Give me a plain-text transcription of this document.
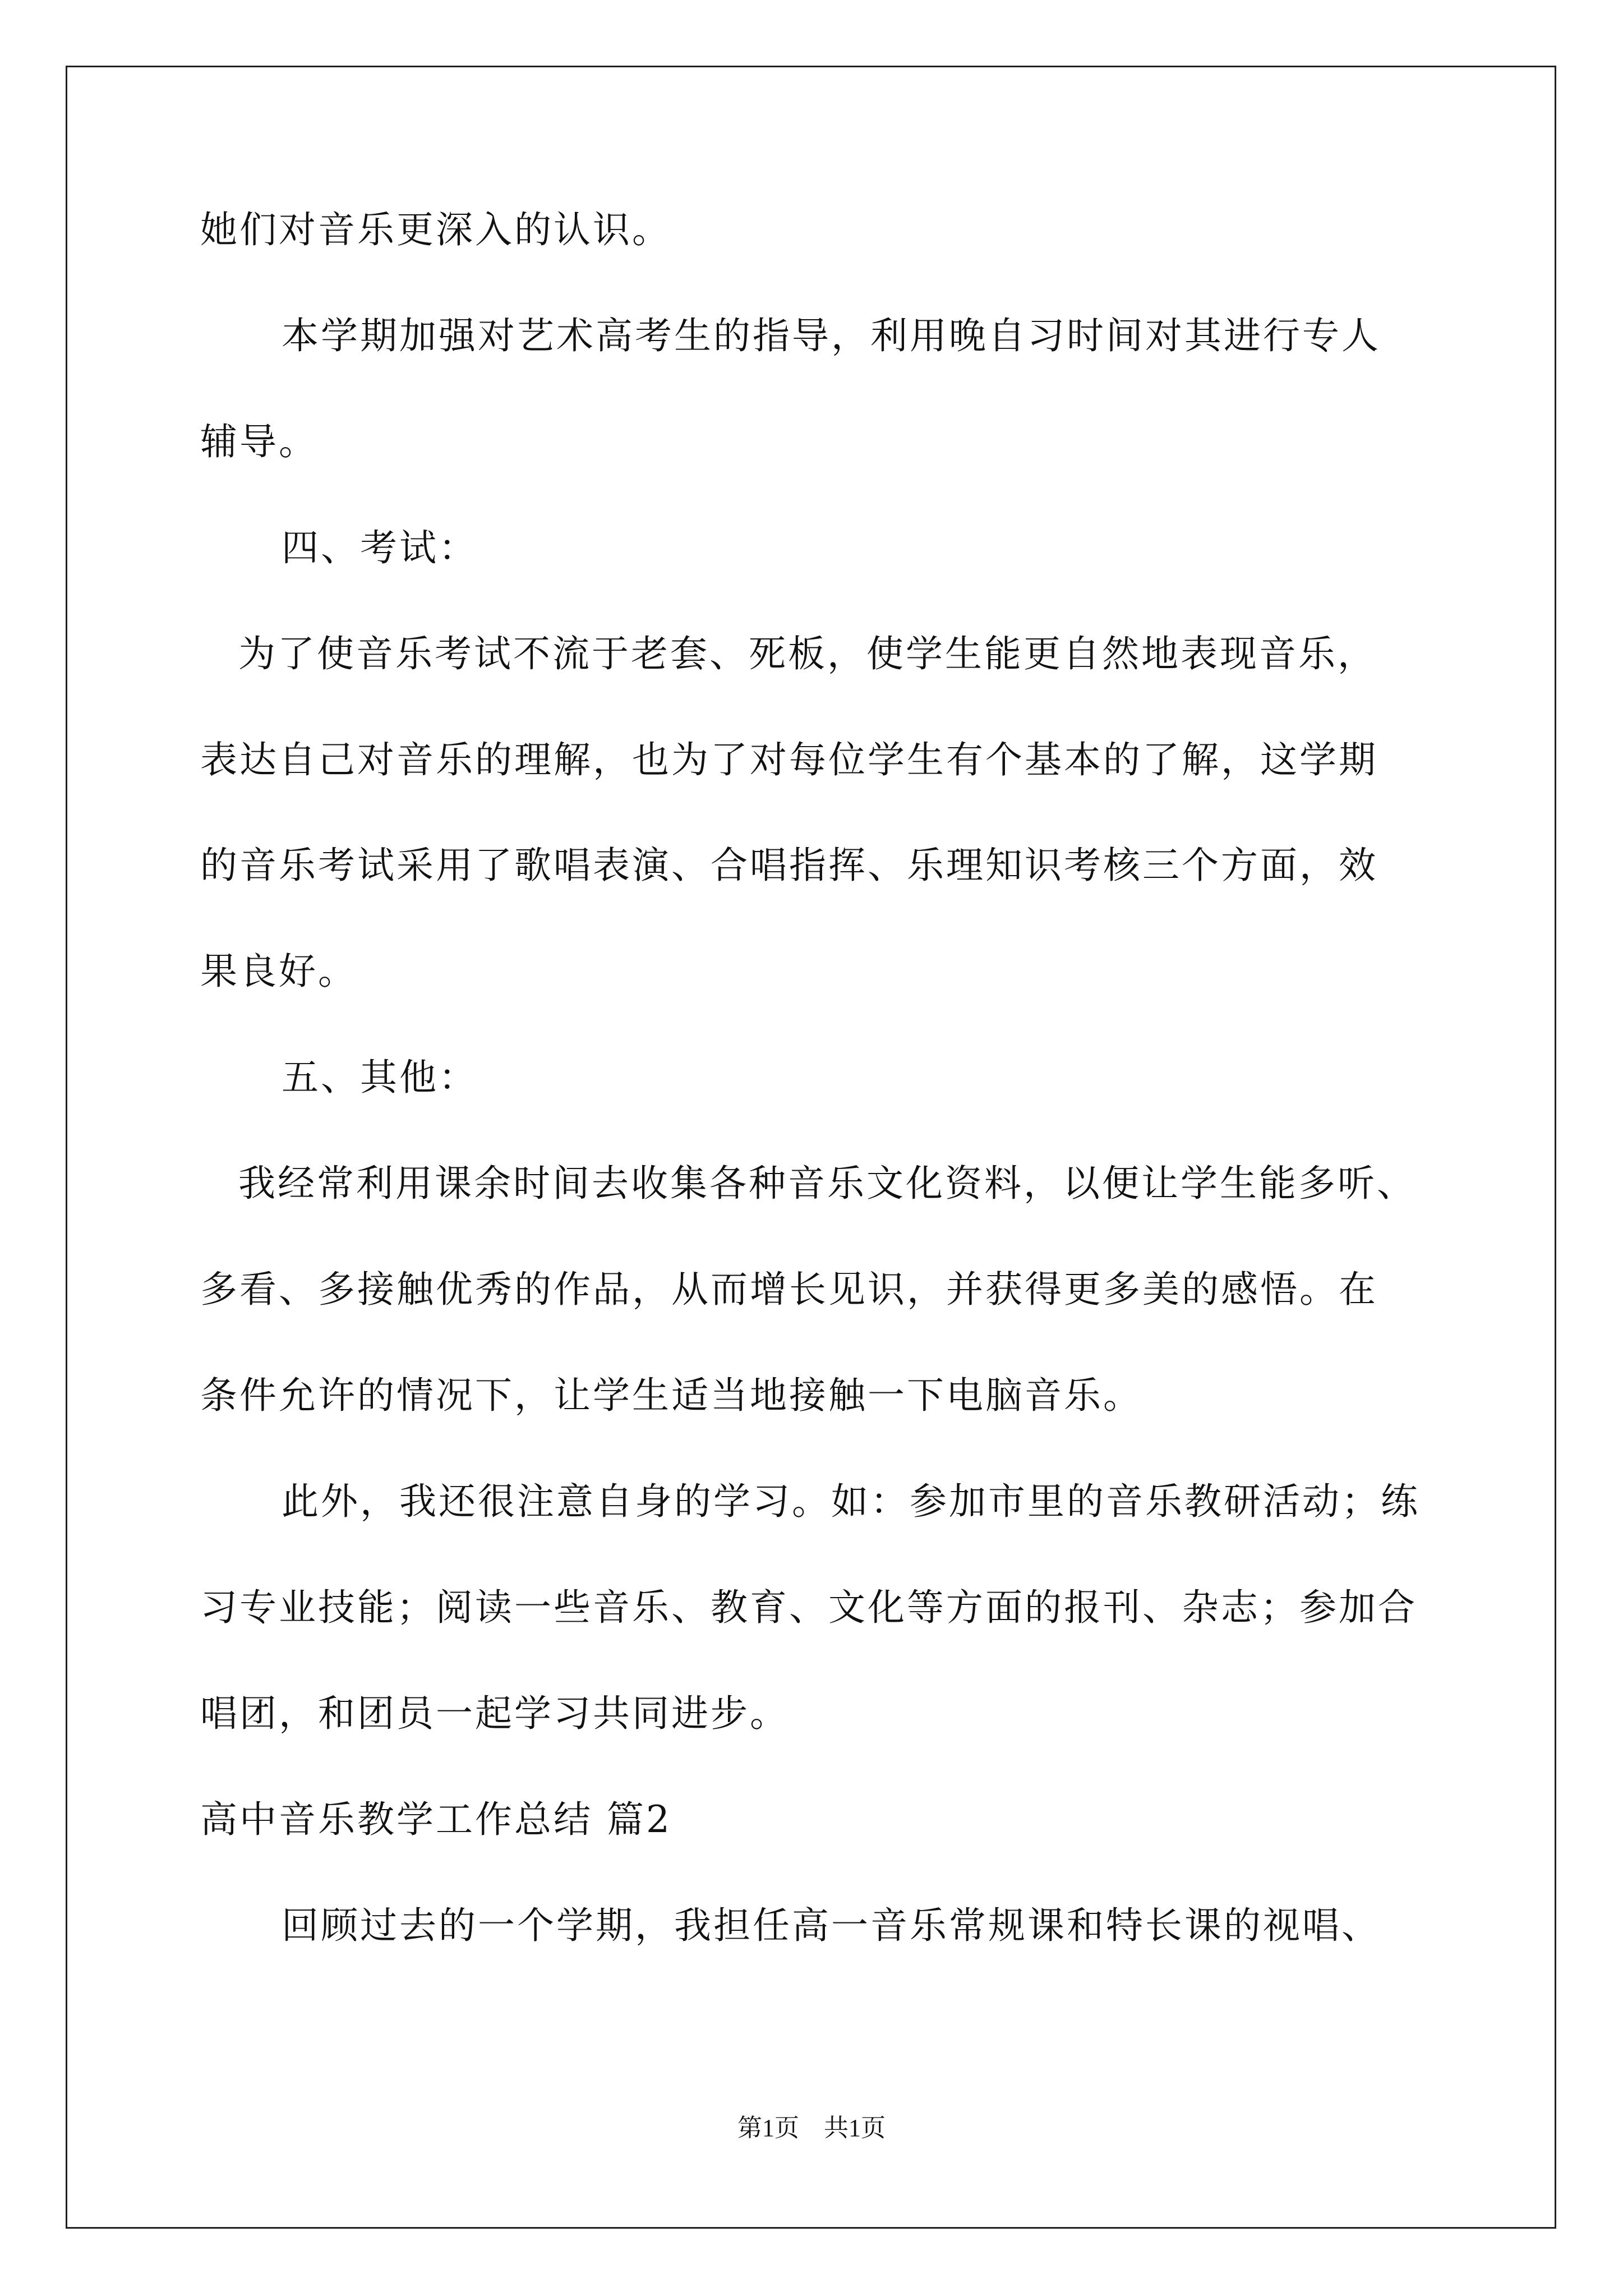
她们对音乐更深入的认识。
本学期加强对艺术高考生的指导，利用晚自习时间对其进行专人
辅导。
四、考试：
为了使音乐考试不流于老套、死板，使学生能更自然地表现音乐，
表达自己对音乐的理解，也为了对每位学生有个基本的了解，这学期
的音乐考试采用了歌唱表演、合唱指挥、乐理知识考核三个方面，效
果良好。
五、其他：
我经常利用课余时间去收集各种音乐文化资料，以便让学生能多听、
多看、多接触优秀的作品，从而增长见识，并获得更多美的感悟。在
条件允许的情况下，让学生适当地接触一下电脑音乐。
此外，我还很注意自身的学习。如：参加市里的音乐教研活动；练
习专业技能；阅读一些音乐、教育、文化等方面的报刊、杂志；参加合
唱团，和团员一起学习共同进步。
高中音乐教学工作总结 篇2
回顾过去的一个学期，我担任高一音乐常规课和特长课的视唱、
第1页　共1页
